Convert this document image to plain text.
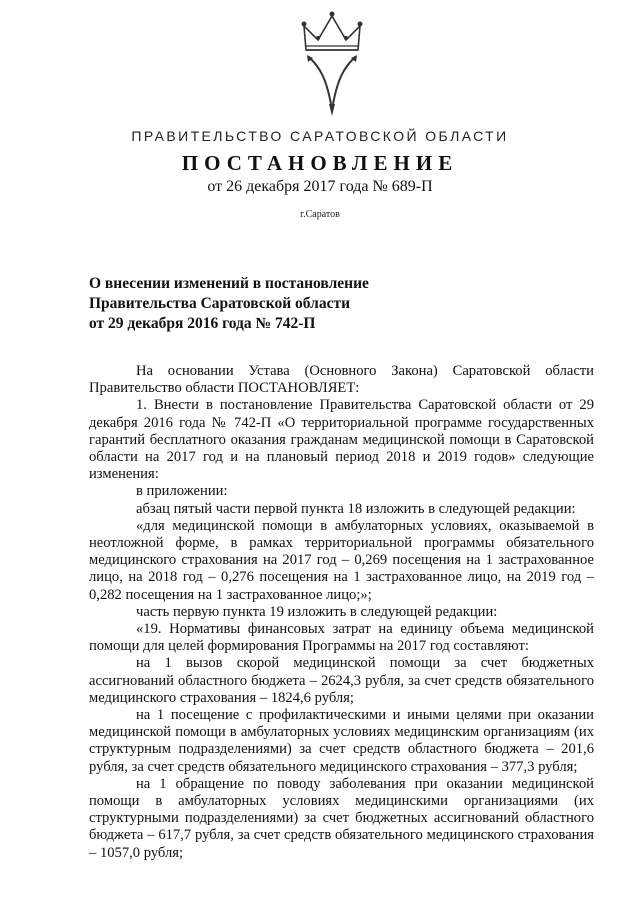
ПРАВИТЕЛЬСТВО САРАТОВСКОЙ ОБЛАСТИ
ПОСТАНОВЛЕНИЕ
от 26 декабря 2017 года № 689-П
г.Саратов
О внесении изменений в постановление
Правительства Саратовской области
от 29 декабря 2016 года № 742-П

На основании Устава (Основного Закона) Саратовской области Правительство области ПОСТАНОВЛЯЕТ:

1. Внести в постановление Правительства Саратовской области от 29 декабря 2016 года № 742-П «О территориальной программе государственных гарантий бесплатного оказания гражданам медицинской помощи в Саратовской области на 2017 год и на плановый период 2018 и 2019 годов» следующие изменения:

в приложении:

абзац пятый части первой пункта 18 изложить в следующей редакции:

«для медицинской помощи в амбулаторных условиях, оказываемой в неотложной форме, в рамках территориальной программы обязательного медицинского страхования на 2017 год – 0,269 посещения на 1 застрахованное лицо, на 2018 год – 0,276 посещения на 1 застрахованное лицо, на 2019 год – 0,282 посещения на 1 застрахованное лицо;»;

часть первую пункта 19 изложить в следующей редакции:

«19. Нормативы финансовых затрат на единицу объема медицинской помощи для целей формирования Программы на 2017 год составляют:

на 1 вызов скорой медицинской помощи за счет бюджетных ассигнований областного бюджета – 2624,3 рубля, за счет средств обязательного медицинского страхования – 1824,6 рубля;

на 1 посещение с профилактическими и иными целями при оказании медицинской помощи в амбулаторных условиях медицинским организациям (их структурным подразделениями) за счет средств областного бюджета – 201,6 рубля, за счет средств обязательного медицинского страхования – 377,3 рубля;

на 1 обращение по поводу заболевания при оказании медицинской помощи в амбулаторных условиях медицинскими организациями (их структурными подразделениями) за счет бюджетных ассигнований областного бюджета – 617,7 рубля, за счет средств обязательного медицинского страхования – 1057,0 рубля;
